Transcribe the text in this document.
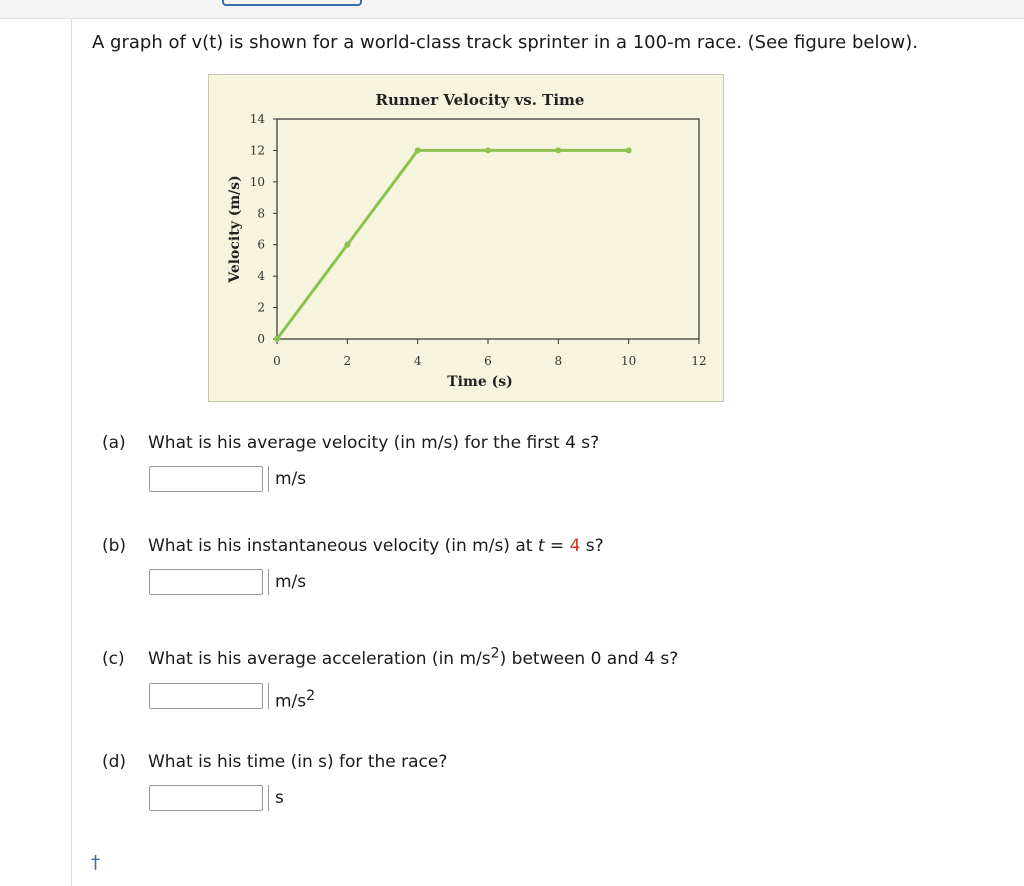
A graph of v(t) is shown for a world-class track sprinter in a 100-m race. (See figure below).
Runner Velocity vs. Time
0
2
4
6
8
10
12
14
0	2	4	6	8	10	12
Time (s)
Velocity (m/s)
(a) What is his average velocity (in m/s) for the first 4 s?
m/s
(b) What is his instantaneous velocity (in m/s) at t = 4 s?
m/s
(c) What is his average acceleration (in $m/s^2$) between 0 and 4 s?
$m/s^2$
(d) What is his time (in s) for the race?
s
†
